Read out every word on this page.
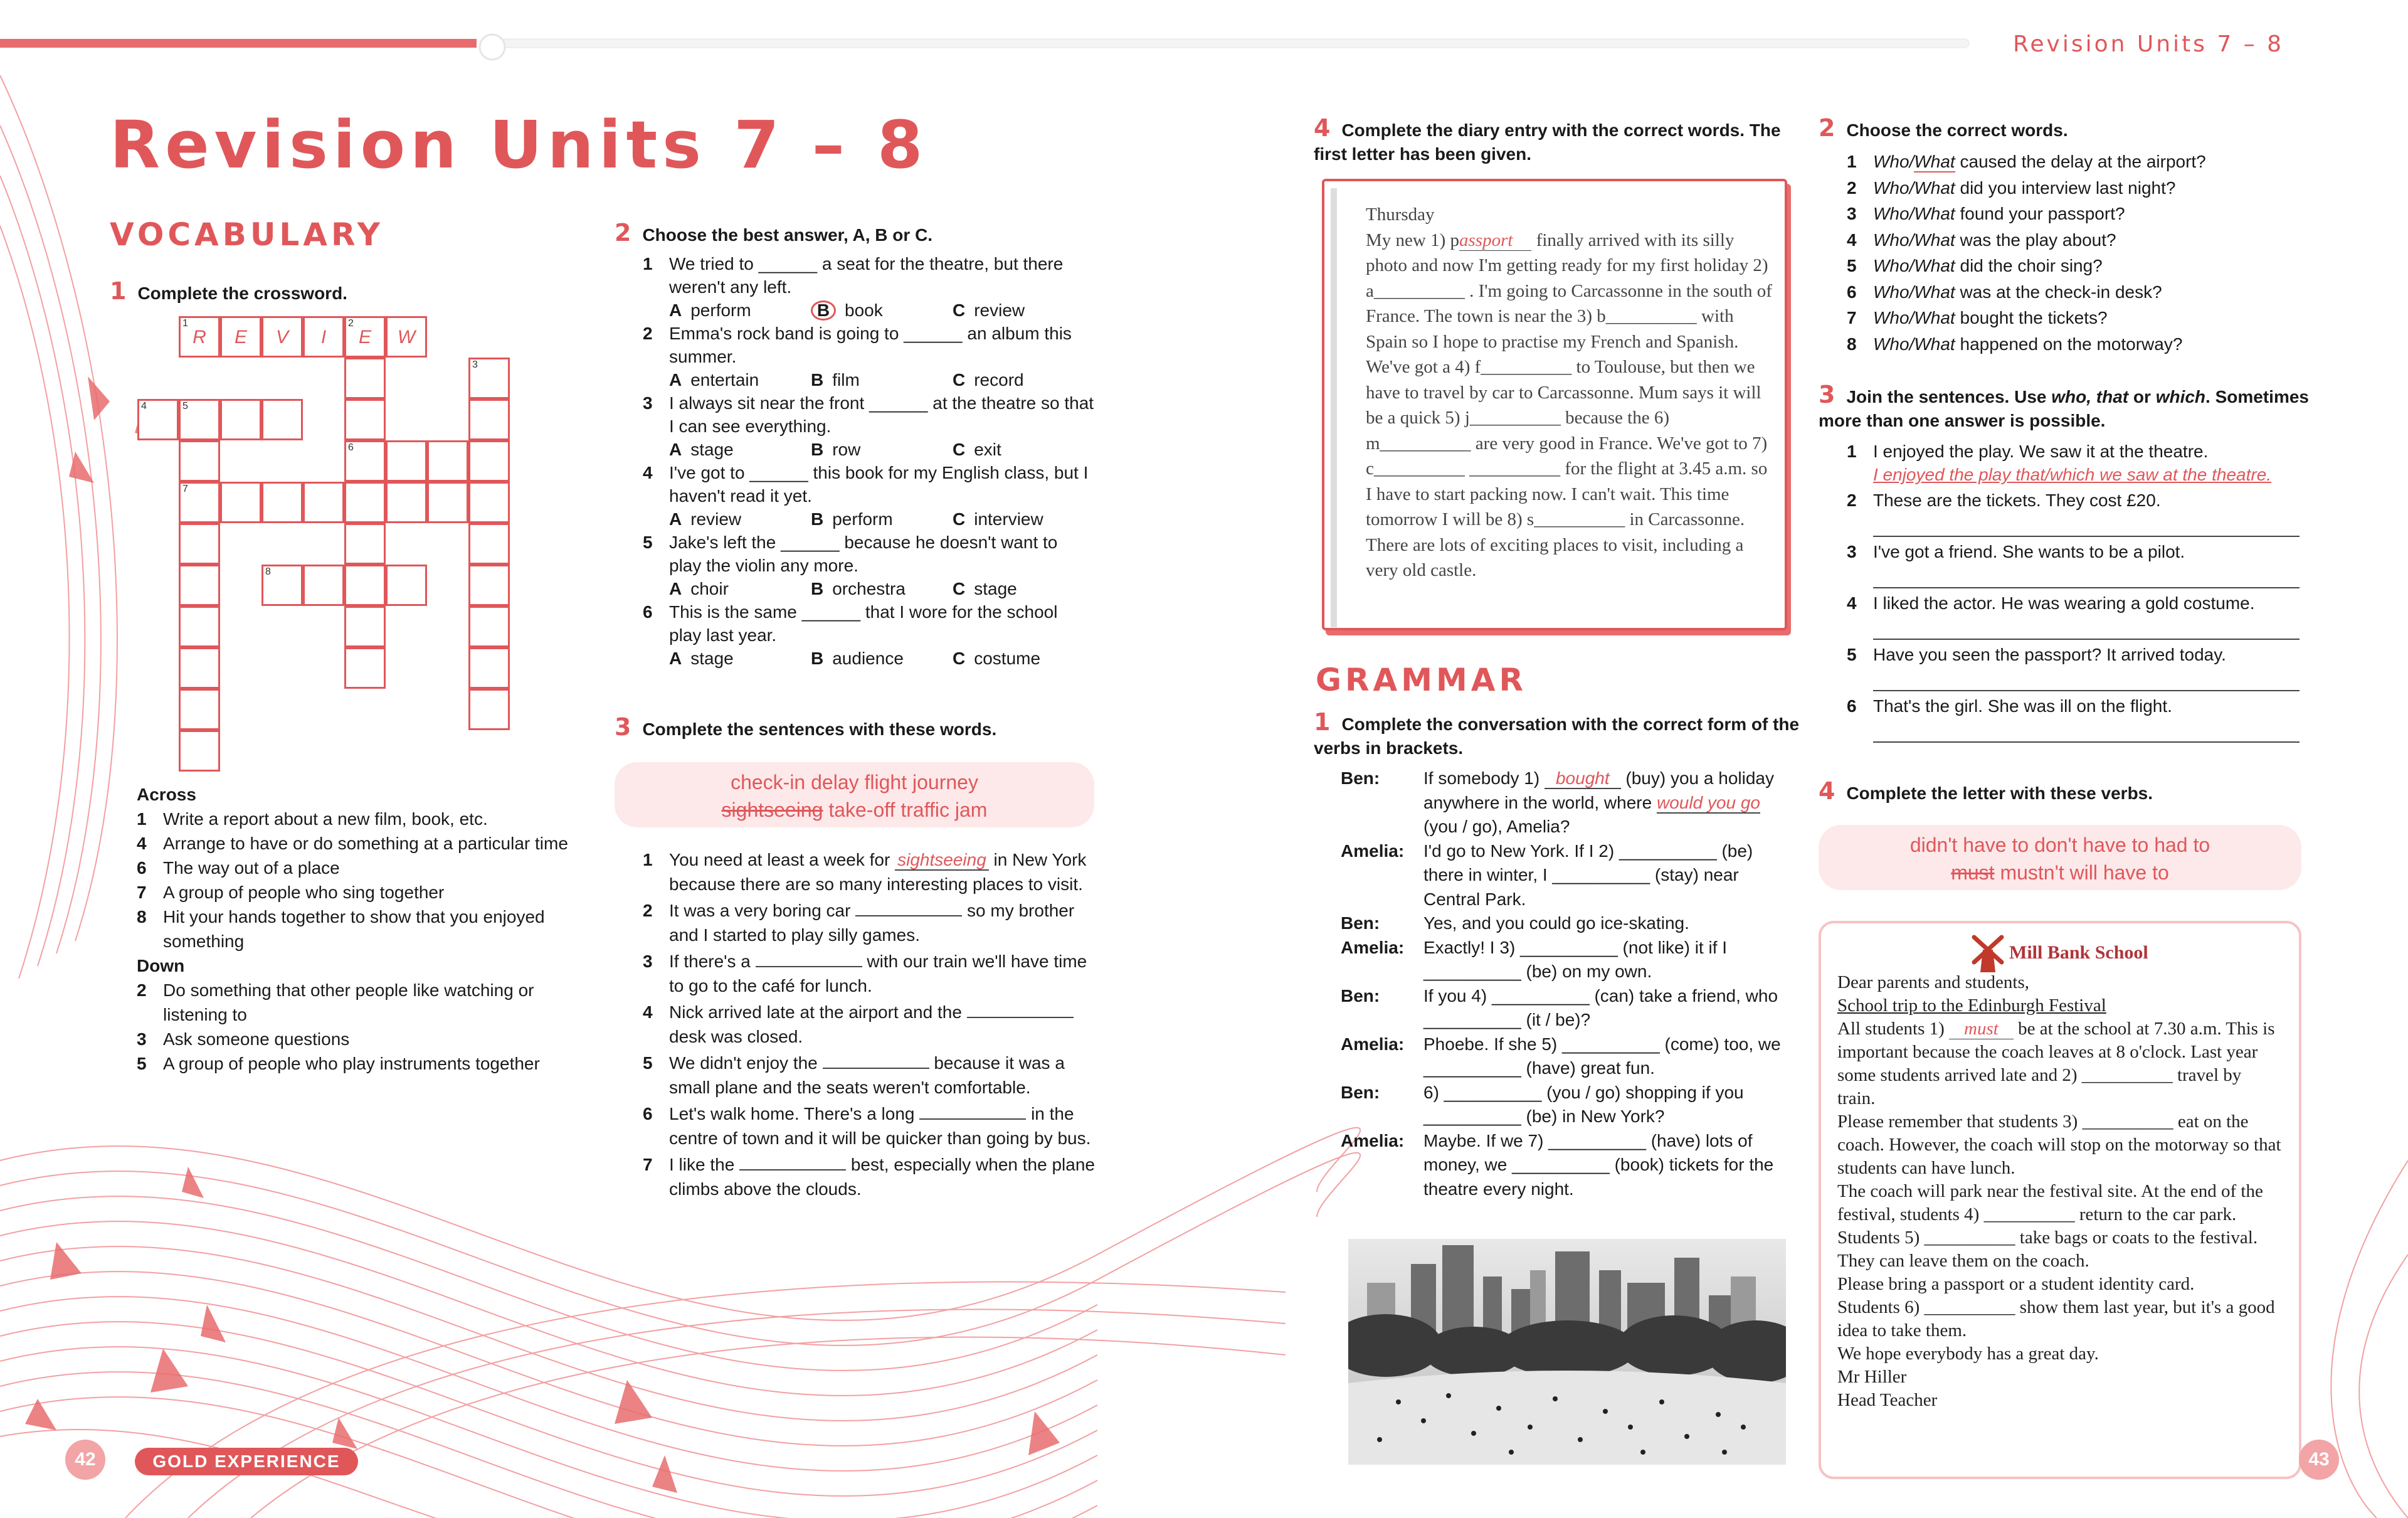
Revision Units 7 – 8
Revision Units 7 – 8
VOCABULARY
1 Complete the crossword.
1
R	E	V	I
2
E	W
6
3
4	5
7
8
Across
1 Write a report about a new film, book, etc.
4 Arrange to have or do something at a particular time
6 The way out of a place
7 A group of people who sing together
8 Hit your hands together to show that you enjoyed something
Down
2 Do something that other people like watching or listening to
3 Ask someone questions
5 A group of people who play instruments together
2 Choose the best answer, A, B or C.
1 We tried to ______ a seat for the theatre, but there weren't any left.
A perform	B book	C review
2 Emma's rock band is going to ______ an album this summer.
A entertain	B film	C record
3 I always sit near the front ______ at the theatre so that I can see everything.
A stage	B row	C exit
4 I've got to ______ this book for my English class, but I haven't read it yet.
A review	B perform	C interview
5 Jake's left the ______ because he doesn't want to play the violin any more.
A choir	B orchestra	C stage
6 This is the same ______ that I wore for the school play last year.
A stage	B audience	C costume
3 Complete the sentences with these words.
check-in delay flight journey
sightseeing take-off traffic jam
1 You need at least a week for sightseeing in New York because there are so many interesting places to visit.
2 It was a very boring car	so my brother and I started to play silly games.
3 If there's a	with our train we'll have time to go to the café for lunch.
4 Nick arrived late at the airport and the  desk was closed.
5 We didn't enjoy the	because it was a small plane and the seats weren't comfortable.
6 Let's walk home. There's a long	in the centre of town and it will be quicker than going by bus.
7 I like the	best, especially when the plane climbs above the clouds.
4 Complete the diary entry with the correct words. The first letter has been given.
Thursday
My new 1) passport finally arrived with its silly photo and now I'm getting ready for my first holiday 2) a__________ . I'm going to Carcassonne in the south of France. The town is near the 3) b__________ with Spain so I hope to practise my French and Spanish. We've got a 4) f__________ to Toulouse, but then we have to travel by car to Carcassonne. Mum says it will be a quick 5) j__________ because the 6) m__________ are very good in France. We've got to 7) c__________ __________ for the flight at 3.45 a.m. so I have to start packing now. I can't wait. This time tomorrow I will be 8) s__________ in Carcassonne. There are lots of exciting places to visit, including a very old castle.
GRAMMAR
1 Complete the conversation with the correct form of the verbs in brackets.
Ben: If somebody 1) bought (buy) you a holiday anywhere in the world, where would you go (you / go), Amelia?
Amelia: I'd go to New York. If I 2) __________ (be) there in winter, I __________ (stay) near Central Park.
Ben: Yes, and you could go ice-skating.
Amelia: Exactly! I 3) __________ (not like) it if I __________ (be) on my own.
Ben: If you 4) __________ (can) take a friend, who __________ (it / be)?
Amelia: Phoebe. If she 5) __________ (come) too, we __________ (have) great fun.
Ben: 6) __________ (you / go) shopping if you __________ (be) in New York?
Amelia: Maybe. If we 7) __________ (have) lots of money, we __________ (book) tickets for the theatre every night.
2 Choose the correct words.
1 Who/What caused the delay at the airport?
2 Who/What did you interview last night?
3 Who/What found your passport?
4 Who/What was the play about?
5 Who/What did the choir sing?
6 Who/What was at the check-in desk?
7 Who/What bought the tickets?
8 Who/What happened on the motorway?
3 Join the sentences. Use who, that or which. Sometimes more than one answer is possible.
1 I enjoyed the play. We saw it at the theatre.
I enjoyed the play that/which we saw at the theatre.
2 These are the tickets. They cost £20.
3 I've got a friend. She wants to be a pilot.
4 I liked the actor. He was wearing a gold costume.
5 Have you seen the passport? It arrived today.
6 That's the girl. She was ill on the flight.
4 Complete the letter with these verbs.
didn't have to don't have to had to
must mustn't will have to
Mill Bank School
Dear parents and students,
School trip to the Edinburgh Festival
All students 1) must be at the school at 7.30 a.m. This is important because the coach leaves at 8 o'clock. Last year some students arrived late and 2) __________ travel by train.
Please remember that students 3) __________ eat on the coach. However, the coach will stop on the motorway so that students can have lunch.
The coach will park near the festival site. At the end of the festival, students 4) __________ return to the car park.
Students 5) __________ take bags or coats to the festival. They can leave them on the coach.
Please bring a passport or a student identity card.
Students 6) __________ show them last year, but it's a good idea to take them.
We hope everybody has a great day.
Mr Hiller
Head Teacher
42	GOLD EXPERIENCE	43
